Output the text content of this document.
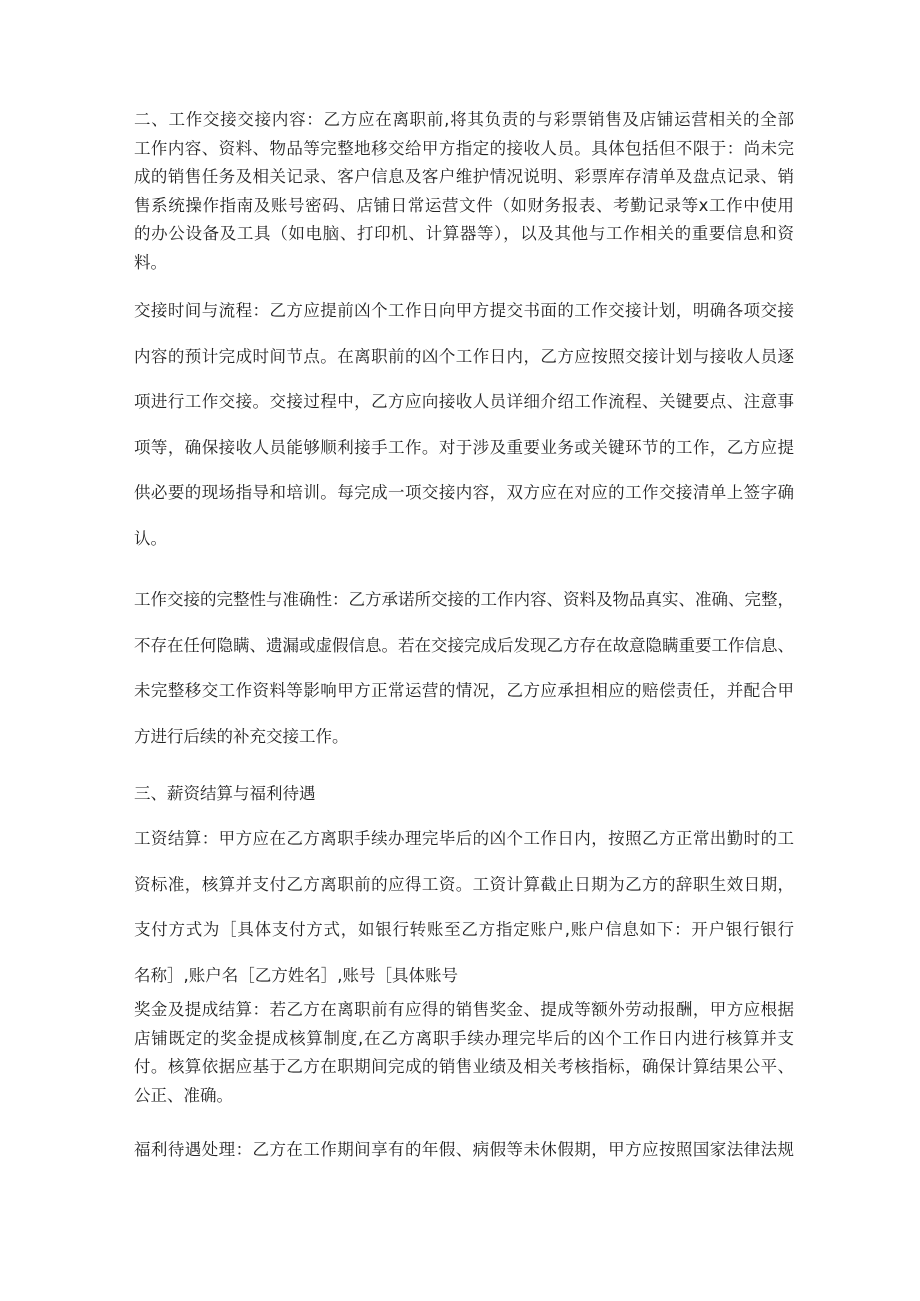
二、工作交接交接内容：乙方应在离职前,将其负责的与彩票销售及店铺运营相关的全部
工作内容、资料、物品等完整地移交给甲方指定的接收人员。具体包括但不限于：尚未完
成的销售任务及相关记录、客户信息及客户维护情况说明、彩票库存清单及盘点记录、销
售系统操作指南及账号密码、店铺日常运营文件（如财务报表、考勤记录等x工作中使用
的办公设备及工具（如电脑、打印机、计算器等），以及其他与工作相关的重要信息和资
料。
交接时间与流程：乙方应提前凶个工作日向甲方提交书面的工作交接计划，明确各项交接
内容的预计完成时间节点。在离职前的凶个工作日内，乙方应按照交接计划与接收人员逐
项进行工作交接。交接过程中，乙方应向接收人员详细介绍工作流程、关键要点、注意事
项等，确保接收人员能够顺利接手工作。对于涉及重要业务或关键环节的工作，乙方应提
供必要的现场指导和培训。每完成一项交接内容，双方应在对应的工作交接清单上签字确
认。
工作交接的完整性与准确性：乙方承诺所交接的工作内容、资料及物品真实、准确、完整，
不存在任何隐瞒、遗漏或虚假信息。若在交接完成后发现乙方存在故意隐瞒重要工作信息、
未完整移交工作资料等影响甲方正常运营的情况，乙方应承担相应的赔偿责任，并配合甲
方进行后续的补充交接工作。
三、薪资结算与福利待遇
工资结算：甲方应在乙方离职手续办理完毕后的凶个工作日内，按照乙方正常出勤时的工
资标准，核算并支付乙方离职前的应得工资。工资计算截止日期为乙方的辞职生效日期，
支付方式为［具体支付方式，如银行转账至乙方指定账户,账户信息如下：开户银行银行
名称］,账户名［乙方姓名］,账号［具体账号
奖金及提成结算：若乙方在离职前有应得的销售奖金、提成等额外劳动报酬，甲方应根据
店铺既定的奖金提成核算制度,在乙方离职手续办理完毕后的凶个工作日内进行核算并支
付。核算依据应基于乙方在职期间完成的销售业绩及相关考核指标，确保计算结果公平、
公正、准确。
福利待遇处理：乙方在工作期间享有的年假、病假等未休假期，甲方应按照国家法律法规
